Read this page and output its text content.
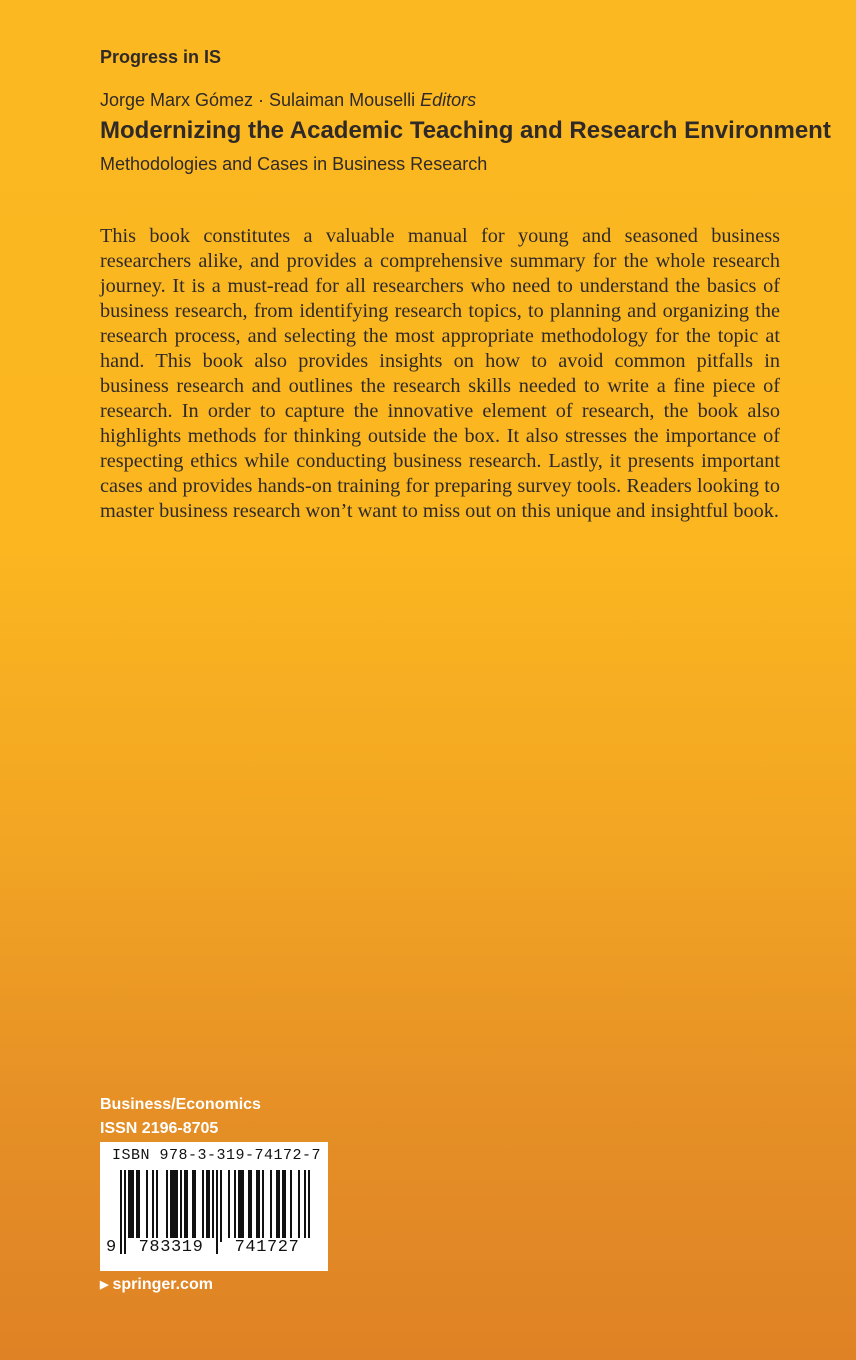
Progress in IS
Jorge Marx Gómez · Sulaiman Mouselli Editors
Modernizing the Academic Teaching and Research Environment
Methodologies and Cases in Business Research

This book constitutes a valuable manual for young and seasoned business researchers alike, and provides a comprehensive summary for the whole research journey. It is a must-read for all researchers who need to understand the basics of business research, from identifying research topics, to planning and organizing the research process, and selecting the most appropriate methodology for the topic at hand. This book also provides insights on how to avoid common pitfalls in business research and outlines the research skills needed to write a fine piece of research. In order to capture the innovative element of research, the book also highlights methods for thinking outside the box. It also stresses the importance of respecting ethics while conducting business research. Lastly, it presents important cases and provides hands-on training for preparing survey tools. Readers looking to master business research won’t want to miss out on this unique and insightful book.

Business/Economics
ISSN 2196-8705
ISBN 978-3-319-74172-7
9	783319	741727
▶ springer.com
